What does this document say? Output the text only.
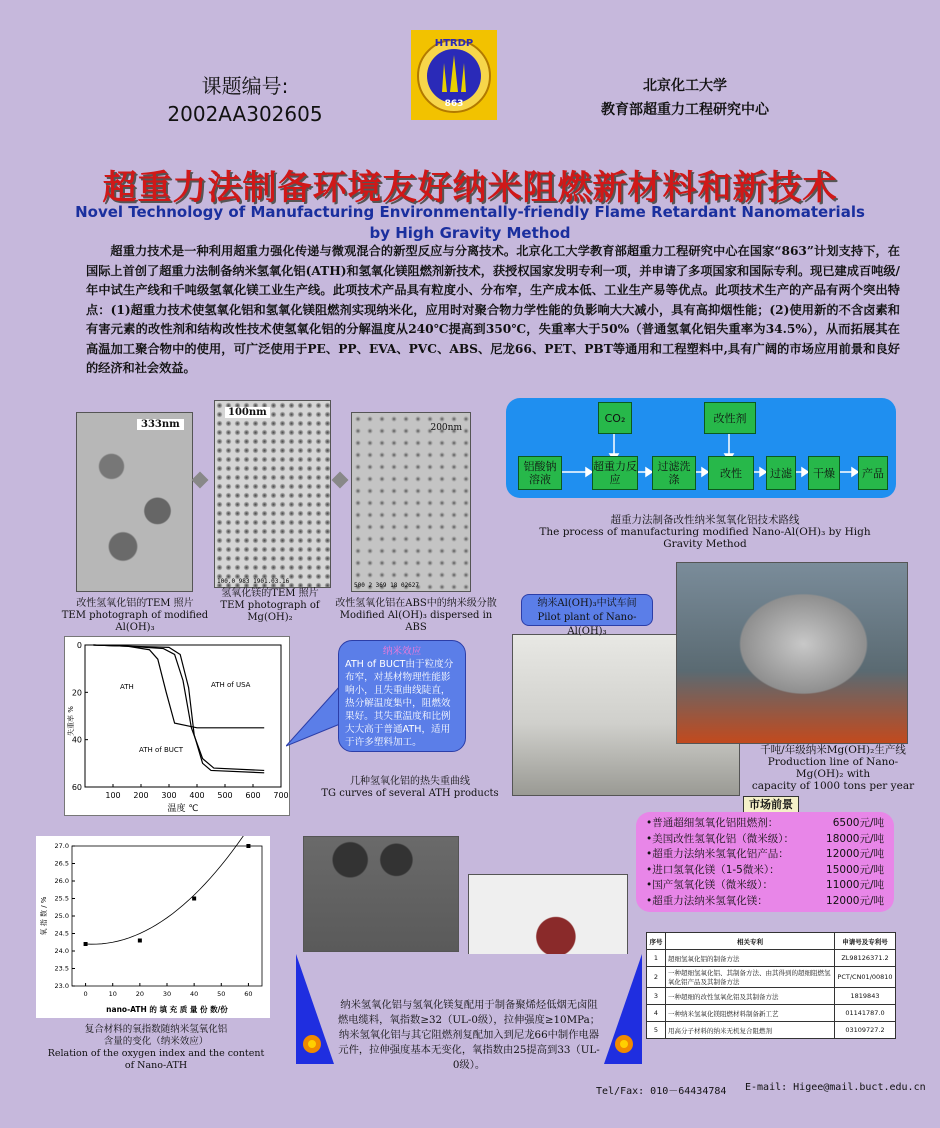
课题编号:
2002AA302605
HTRDP
863
北京化工大学
教育部超重力工程研究中心
超重力法制备环境友好纳米阻燃新材料和新技术
Novel Technology of Manufacturing Environmentally-friendly Flame Retardant Nanomaterials
by High Gravity Method
超重力技术是一种利用超重力强化传递与微观混合的新型反应与分离技术。北京化工大学教育部超重力工程研究中心在国家“863”计划支持下，在国际上首创了超重力法制备纳米氢氧化铝(ATH)和氢氧化镁阻燃剂新技术，获授权国家发明专利一项，并申请了多项国家和国际专利。现已建成百吨级/年中试生产线和千吨级氢氧化镁工业生产线。此项技术产品具有粒度小、分布窄，生产成本低、工业生产易等优点。此项技术生产的产品有两个突出特点：(1)超重力技术使氢氧化铝和氢氧化镁阻燃剂实现纳米化，应用时对聚合物力学性能的负影响大大减小，具有高抑烟性能；(2)使用新的不含卤素和有害元素的改性剂和结构改性技术使氢氧化铝的分解温度从240℃提高到350℃，失重率大于50%（普通氢氧化铝失重率为34.5%），从而拓展其在高温加工聚合物中的使用，可广泛使用于PE、PP、EVA、PVC、ABS、尼龙66、PET、PBT等通用和工程塑料中,具有广阔的市场应用前景和良好的经济和社会效益。
333nm
100nm
100.0 983 1901.03.16
200nm
500 2 369 18 02627
改性氢氧化铝的TEM 照片
TEM photograph of modified Al(OH)₃
氢氧化镁的TEM 照片
TEM photograph of Mg(OH)₂
改性氢氧化铝在ABS中的纳米级分散
Modified Al(OH)₃ dispersed in ABS
CO₂	改性剂
铝酸钠溶液
超重力反应
过滤洗涤	改性	过滤	干燥	产品
超重力法制备改性纳米氢氧化铝技术路线
The process of manufacturing modified Nano-Al(OH)₃ by High Gravity Method
纳米Al(OH)₃中试车间
Pilot plant of Nano- Al(OH)₃
千吨/年级纳米Mg(OH)₂生产线
Production line of Nano-Mg(OH)₂ with
capacity of 1000 tons per year
100 200 300 400 500 600 700
0
20
40
60
温度 ℃
失重率 %
ATH	ATH of USA
ATH of BUCT
纳米效应
ATH of BUCT由于粒度分布窄，对基材物理性能影响小，且失重曲线陡直，热分解温度集中，阻燃效果好。其失重温度和比例大大高于普通ATH，适用于许多塑料加工。
几种氢氧化铝的热失重曲线
TG curves of several ATH products
市场前景
•普通超细氢氧化铝阻燃剂：	6500元/吨
•美国改性氢氧化铝（微米级）：	18000元/吨
•超重力法纳米氢氧化铝产品：	12000元/吨
•进口氢氧化镁（1-5微米）：	15000元/吨
•国产氢氧化镁（微米级）：	11000元/吨
•超重力法纳米氢氧化镁：	12000元/吨
0	10	20	30	40	50	60
23.0
23.5
24.0
24.5
25.0
25.5
26.0
26.5
27.0
nano-ATH 的 填 充 质 量 份 数/份
氧 指 数 / %
复合材料的氧指数随纳米氢氧化铝
含量的变化（纳米效应）
Relation of the oxygen index and the content
of Nano-ATH
纳米氢氧化铝与氢氧化镁复配用于制备聚烯烃低烟无卤阻燃电缆料，氧指数≥32（UL-0级），拉伸强度≥10MPa；纳米氢氧化铝与其它阻燃剂复配加入到尼龙66中制作电器元件，拉伸强度基本无变化，氧指数由25提高到33（UL-0级）。
序号	相关专利	申请号及专利号
1	超细氢氧化铝的制备方法	ZL98126371.2
2	一种超细氢氧化铝、其制备方法、由其得到的超细阻燃氢氧化铝产品及其制备方法	PCT/CN01/00810
3	一种超细的改性氢氧化铝及其制备方法	1819843
4	一种纳米氢氧化镁阻燃材料制备新工艺	01141787.0
5	用高分子材料的纳米无机复合阻燃剂	03109727.2
Tel/Fax: 010－64434784 E-mail: Higee@mail.buct.edu.cn
